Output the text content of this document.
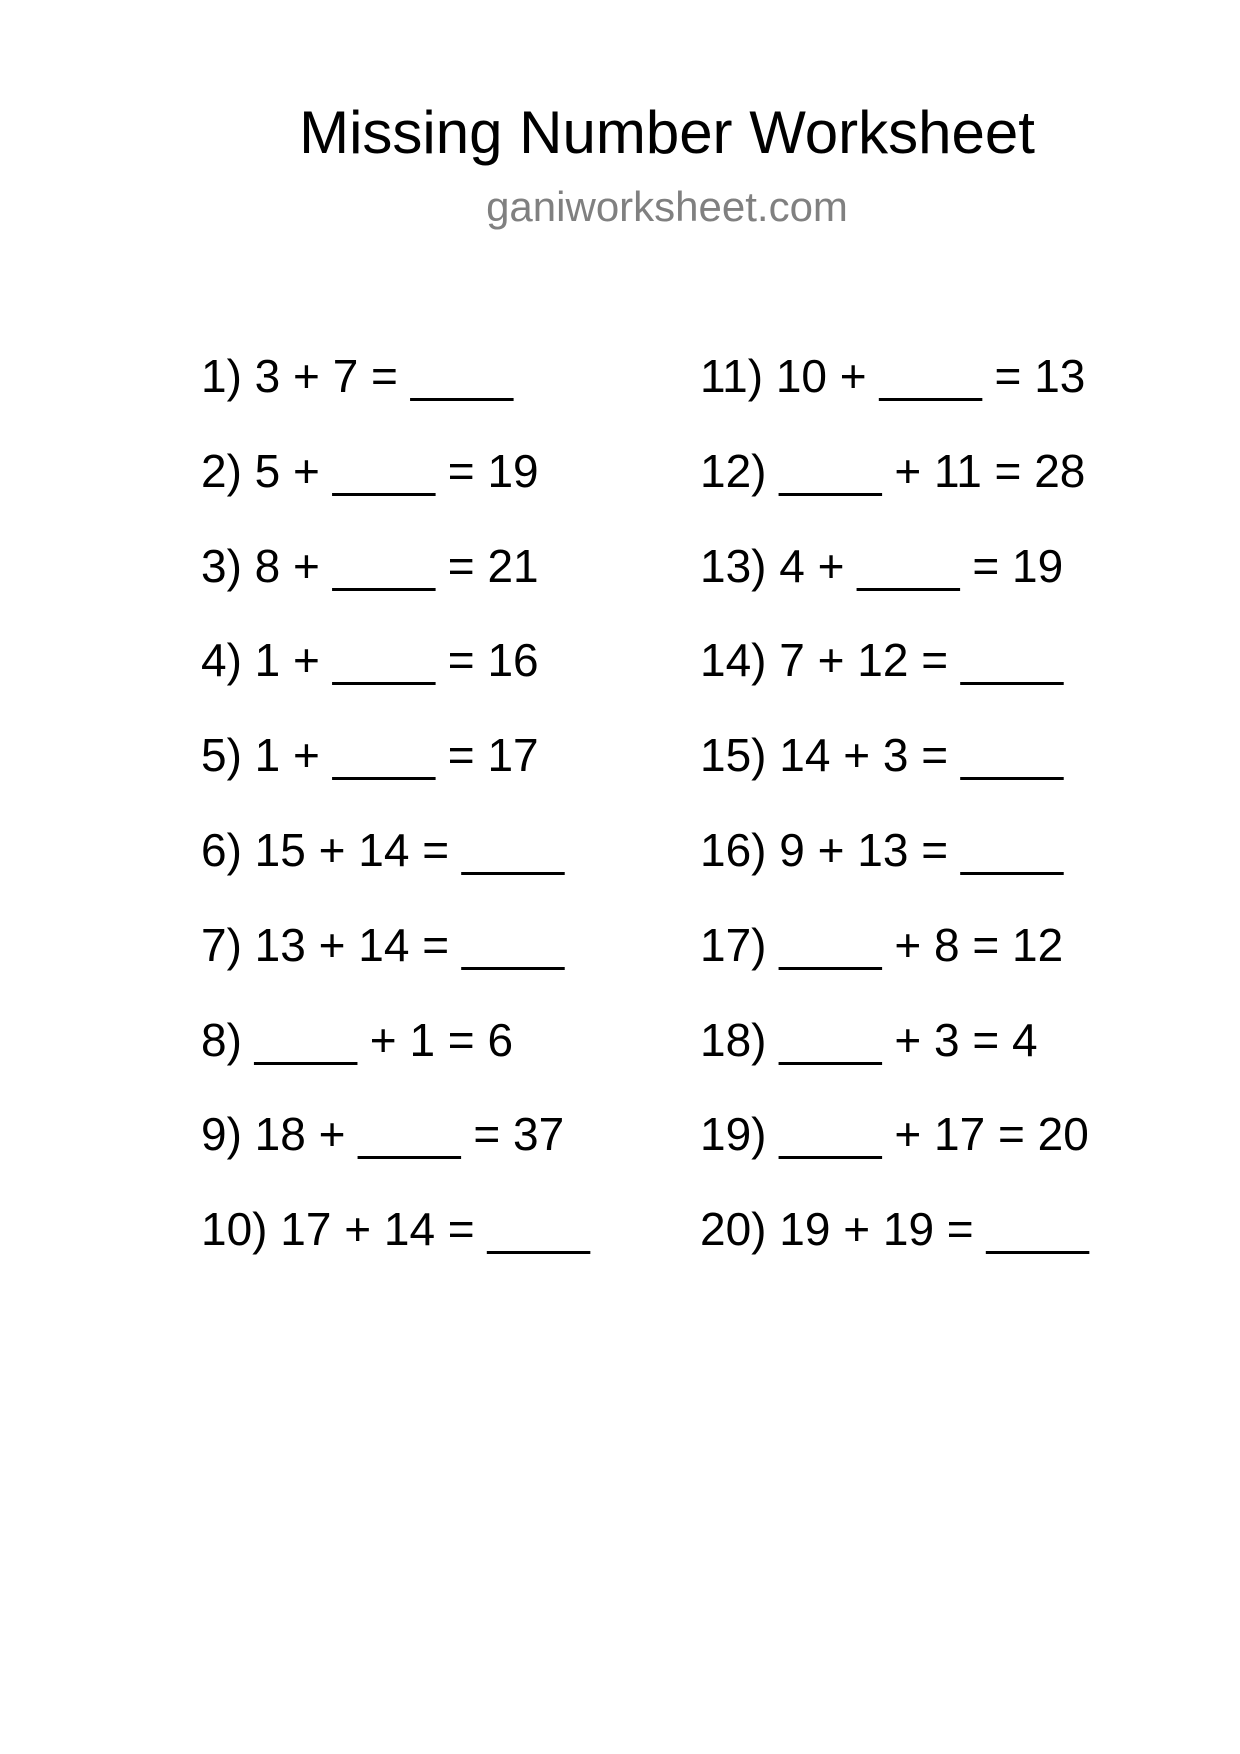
Missing Number Worksheet
ganiworksheet.com
1) 3 + 7 = ____
2) 5 + ____ = 19
3) 8 + ____ = 21
4) 1 + ____ = 16
5) 1 + ____ = 17
6) 15 + 14 = ____
7) 13 + 14 = ____
8) ____ + 1 = 6
9) 18 + ____ = 37
10) 17 + 14 = ____
11) 10 + ____ = 13
12) ____ + 11 = 28
13) 4 + ____ = 19
14) 7 + 12 = ____
15) 14 + 3 = ____
16) 9 + 13 = ____
17) ____ + 8 = 12
18) ____ + 3 = 4
19) ____ + 17 = 20
20) 19 + 19 = ____
